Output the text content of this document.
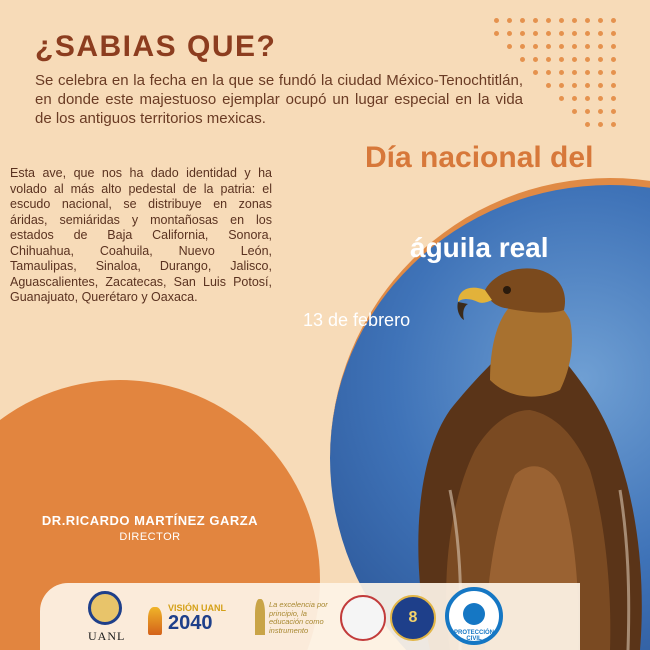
¿SABIAS QUE?

Se celebra en la fecha en la que se fundó la ciudad México-Tenochtitlán, en donde este majestuoso ejemplar ocupó un lugar especial en la vida de los antiguos territorios mexicas.

Esta ave, que nos ha dado identidad y ha volado al más alto pedestal de la patria: el escudo nacional, se distribuye en zonas áridas, semiáridas y montañosas en los estados de Baja California, Sonora, Chihuahua, Coahuila, Nuevo León, Tamaulipas, Sinaloa, Durango, Jalisco, Aguascalientes, Zacatecas, San Luis Potosí, Guanajuato, Querétaro y Oaxaca.

Día nacional del
águila real

13 de febrero

DR.RICARDO MARTÍNEZ GARZA
DIRECTOR
UANL
VISIÓN UANL
2040
La excelencia por principio, la educación como instrumento
8
PROTECCIÓN CIVIL
